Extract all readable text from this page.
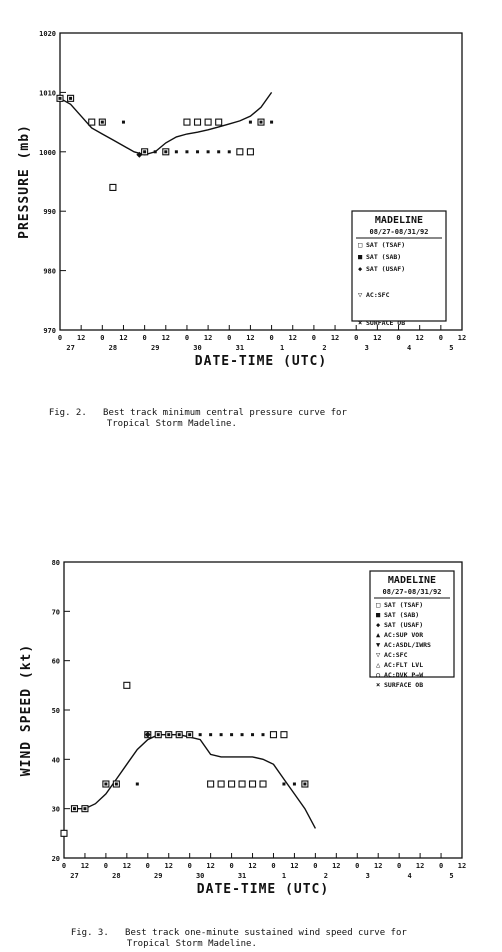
970
980
990
1000
1010
1020
0 12 0 12 0 12 0 12 0 12 0 12 0 12 0 12 0 12 0 12
27	28	29	30	31	1	2	3	4	5
DATE-TIME (UTC)
PRESSURE (mb)	MADELINE
08/27-08/31/92
□ SAT (TSAF)
■ SAT (SAB)
◆ SAT (USAF)
▽ AC:SFC
× SURFACE OB
20
30
40
50
60
70
80
0 12 0 12 0 12 0 12 0 12 0 12 0 12 0 12 0 12 0 12
27	28	29	30	31	1	2	3	4	5
DATE-TIME (UTC)
WIND SPEED (kt)
MADELINE
08/27-08/31/92
□ SAT (TSAF)
■ SAT (SAB)
◆ SAT (USAF)
▲ AC:SUP VOR
▼ AC:ASDL/IWRS
▽ AC:SFC
△ AC:FLT LVL
○ AC:DVK P→W
× SURFACE OB

Fig. 2. Best track minimum central pressure curve for

Tropical Storm Madeline.

Fig. 3. Best track one-minute sustained wind speed curve for

Tropical Storm Madeline.
